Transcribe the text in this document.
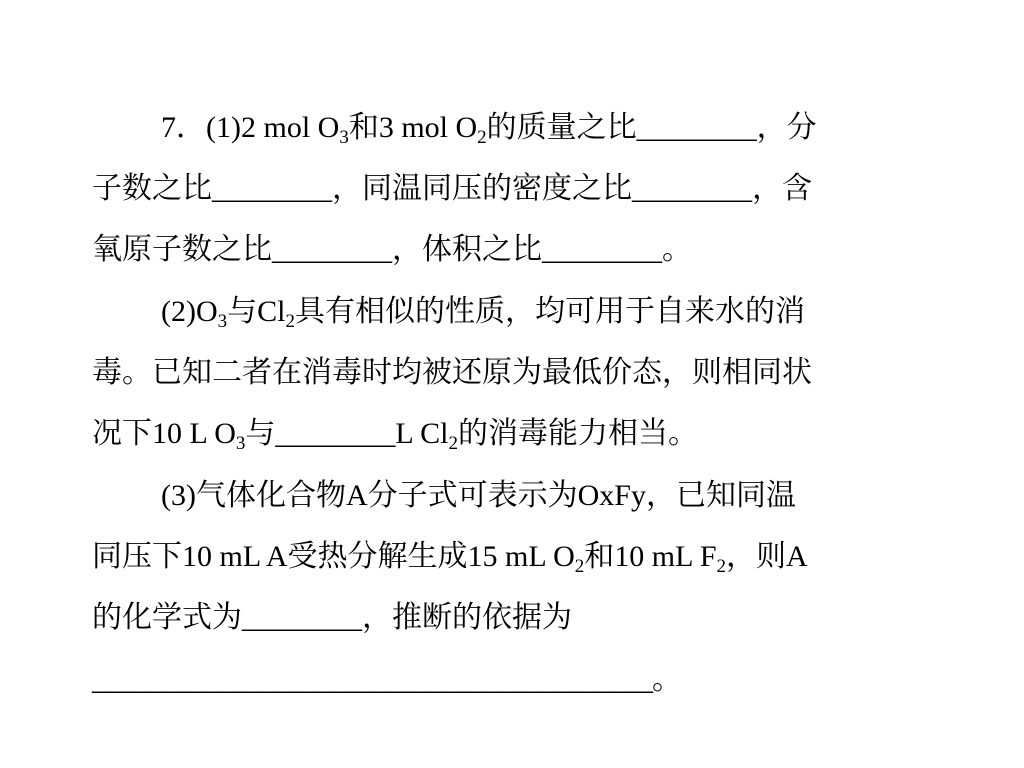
7．(1)2 mol $O_3$和3 mol $O_2$的质量之比________，分
子数之比________，同温同压的密度之比________，含
氧原子数之比________，体积之比________。
$(2)O_3$与$Cl_2$具有相似的性质，均可用于自来水的消
毒。已知二者在消毒时均被还原为最低价态，则相同状
况下10 L $O_3$与________L $Cl_2$的消毒能力相当。
(3)气体化合物A分子式可表示为OxFy，已知同温
同压下10 mL A受热分解生成15 mL $O_2$和10 mL $F_2$，则A
的化学式为________，推断的依据为
________________________________________。
